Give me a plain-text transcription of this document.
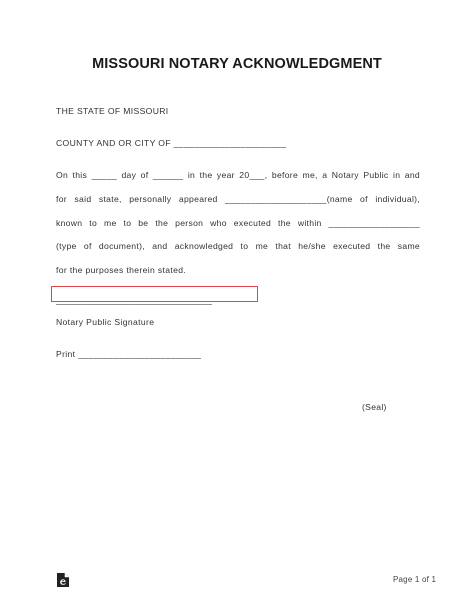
MISSOURI NOTARY ACKNOWLEDGMENT
THE STATE OF MISSOURI
COUNTY AND OR CITY OF ______________________
On this _____ day of ______ in the year 20___, before me, a Notary Public in and
for said state, personally appeared ____________________(name of individual),
known to me to be the person who executed the within __________________
(type of document), and acknowledged to me that he/she executed the same
for the purposes therein stated.
________________________________
Notary Public Signature
Print ________________________
(Seal)
Page 1 of 1
